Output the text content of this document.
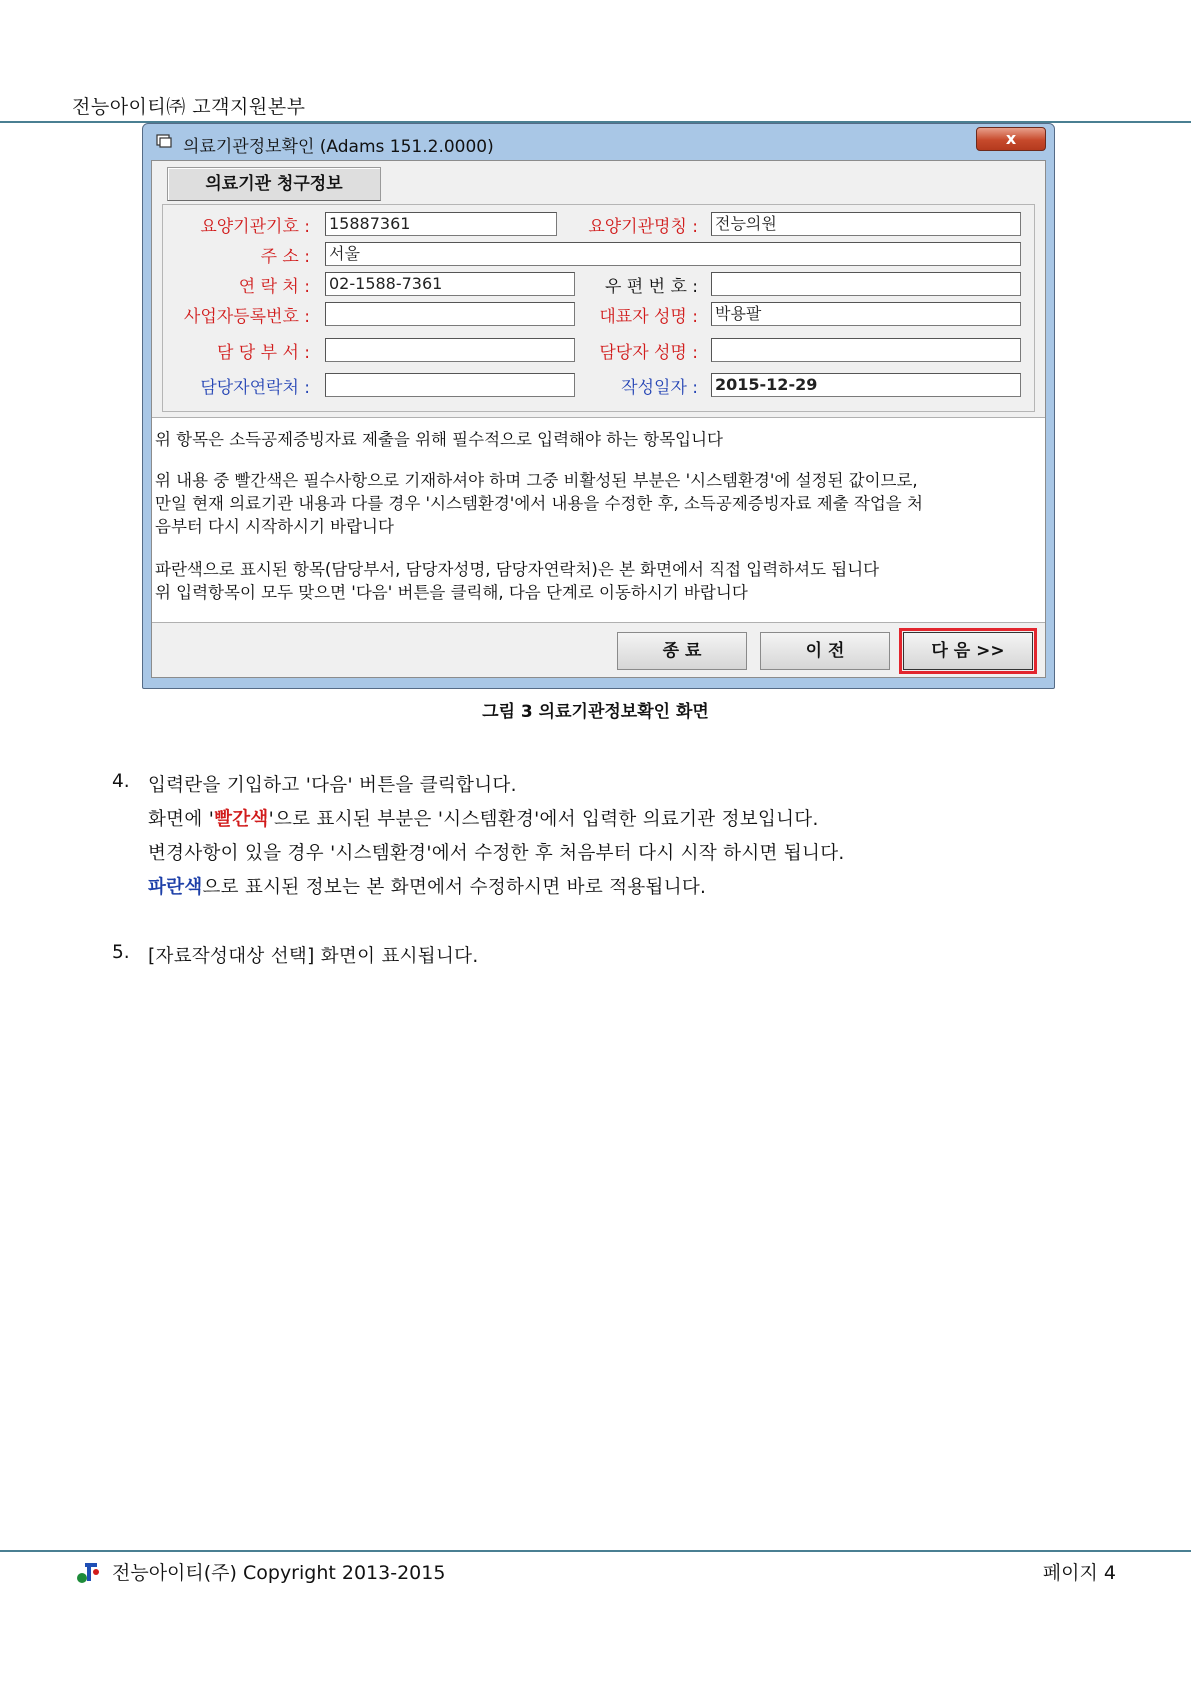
전능아이티㈜ 고객지원본부
의료기관정보확인 (Adams 151.2.0000)	x
의료기관 청구정보
요양기관기호 : 15887361	요양기관명칭 : 전능의원
주 소 : 서울
연 락 처 : 02-1588-7361	우 편 번 호 :
사업자등록번호 :	대표자 성명 : 박용팔
담 당 부 서 :	담당자 성명 :
담당자연락처 :	작성일자 : 2015-12-29
위 항목은 소득공제증빙자료 제출을 위해 필수적으로 입력해야 하는 항목입니다
위 내용 중 빨간색은 필수사항으로 기재하셔야 하며 그중 비활성된 부분은 '시스템환경'에 설정된 값이므로,
만일 현재 의료기관 내용과 다를 경우 '시스템환경'에서 내용을 수정한 후, 소득공제증빙자료 제출 작업을 처
음부터 다시 시작하시기 바랍니다
파란색으로 표시된 항목(담당부서, 담당자성명, 담당자연락처)은 본 화면에서 직접 입력하셔도 됩니다
위 입력항목이 모두 맞으면 '다음' 버튼을 클릭해, 다음 단계로 이동하시기 바랍니다
종 료	이 전	다 음 >>
그림 3 의료기관정보확인 화면
4. 입력란을 기입하고 '다음' 버튼을 클릭합니다.
화면에 '빨간색'으로 표시된 부분은 '시스템환경'에서 입력한 의료기관 정보입니다.
변경사항이 있을 경우 '시스템환경'에서 수정한 후 처음부터 다시 시작 하시면 됩니다.
파란색으로 표시된 정보는 본 화면에서 수정하시면 바로 적용됩니다.
5. [자료작성대상 선택] 화면이 표시됩니다.
전능아이티(주) Copyright 2013-2015	페이지 4
